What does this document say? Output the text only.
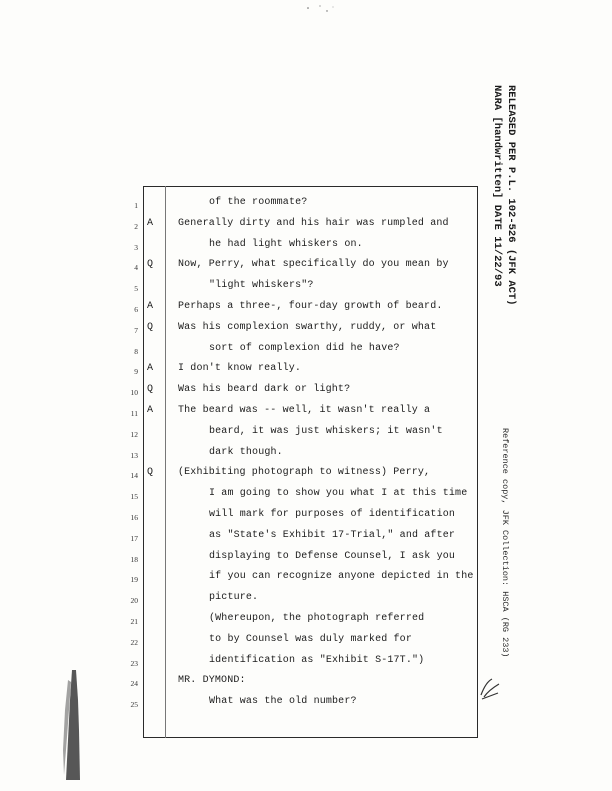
RELEASED PER P.L. 102-526 (JFK ACT)
NARA [handwritten] DATE 11/22/93
1	of the roommate?
2 A	Generally dirty and his hair was rumpled and
3	he had light whiskers on.
4 Q	Now, Perry, what specifically do you mean by
5	"light whiskers"?
6 A	Perhaps a three-, four-day growth of beard.
7 Q	Was his complexion swarthy, ruddy, or what
8	sort of complexion did he have?
9 A	I don't know really.
10 Q	Was his beard dark or light?
11 A	The beard was -- well, it wasn't really a
12	beard, it was just whiskers; it wasn't
13	dark though.
14 Q	(Exhibiting photograph to witness) Perry,
15	I am going to show you what I at this time
16	will mark for purposes of identification
17	as "State's Exhibit 17-Trial," and after
18	displaying to Defense Counsel, I ask you
19	if you can recognize anyone depicted in the
20	picture.
21	(Whereupon, the photograph referred
22	to by Counsel was duly marked for
23	identification as "Exhibit S-17T.")
24	MR. DYMOND:
25	What was the old number?
Reference copy, JFK Collection: HSCA (RG 233)
